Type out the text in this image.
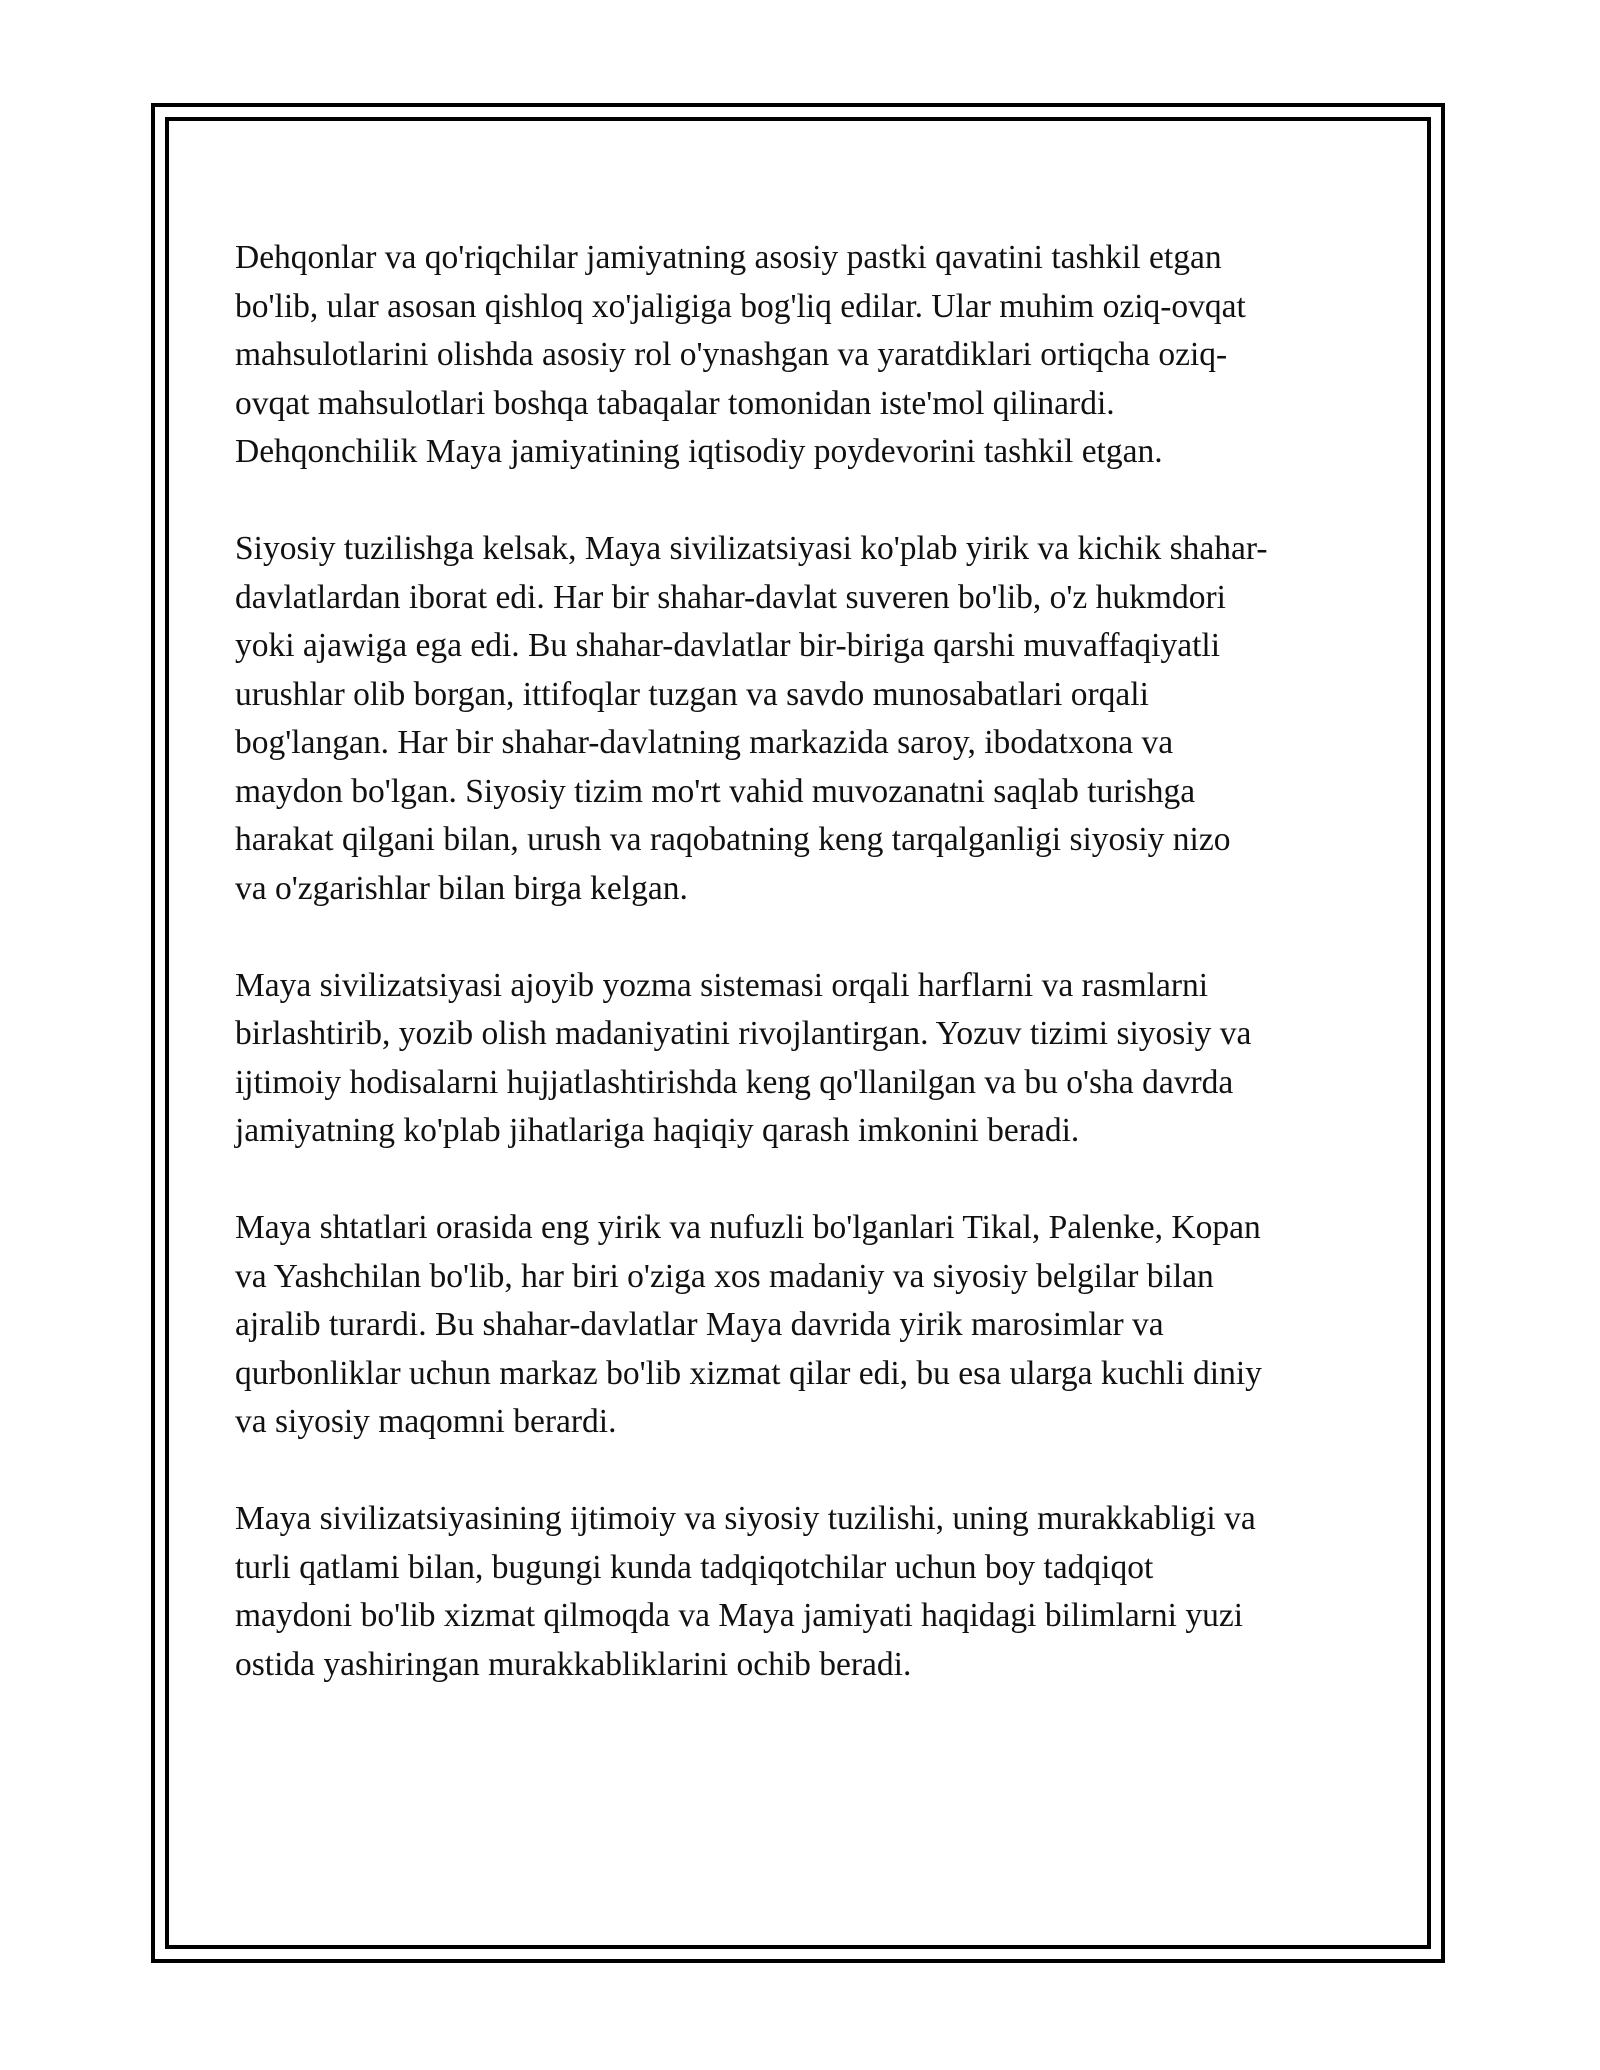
Dehqonlar va qo'riqchilar jamiyatning asosiy pastki qavatini tashkil etgan
bo'lib, ular asosan qishloq xo'jaligiga bog'liq edilar. Ular muhim oziq-ovqat
mahsulotlarini olishda asosiy rol o'ynashgan va yaratdiklari ortiqcha oziq-
ovqat mahsulotlari boshqa tabaqalar tomonidan iste'mol qilinardi.
Dehqonchilik Maya jamiyatining iqtisodiy poydevorini tashkil etgan.

Siyosiy tuzilishga kelsak, Maya sivilizatsiyasi ko'plab yirik va kichik shahar-
davlatlardan iborat edi. Har bir shahar-davlat suveren bo'lib, o'z hukmdori
yoki ajawiga ega edi. Bu shahar-davlatlar bir-biriga qarshi muvaffaqiyatli
urushlar olib borgan, ittifoqlar tuzgan va savdo munosabatlari orqali
bog'langan. Har bir shahar-davlatning markazida saroy, ibodatxona va
maydon bo'lgan. Siyosiy tizim mo'rt vahid muvozanatni saqlab turishga
harakat qilgani bilan, urush va raqobatning keng tarqalganligi siyosiy nizo
va o'zgarishlar bilan birga kelgan.

Maya sivilizatsiyasi ajoyib yozma sistemasi orqali harflarni va rasmlarni
birlashtirib, yozib olish madaniyatini rivojlantirgan. Yozuv tizimi siyosiy va
ijtimoiy hodisalarni hujjatlashtirishda keng qo'llanilgan va bu o'sha davrda
jamiyatning ko'plab jihatlariga haqiqiy qarash imkonini beradi.

Maya shtatlari orasida eng yirik va nufuzli bo'lganlari Tikal, Palenke, Kopan
va Yashchilan bo'lib, har biri o'ziga xos madaniy va siyosiy belgilar bilan
ajralib turardi. Bu shahar-davlatlar Maya davrida yirik marosimlar va
qurbonliklar uchun markaz bo'lib xizmat qilar edi, bu esa ularga kuchli diniy
va siyosiy maqomni berardi.

Maya sivilizatsiyasining ijtimoiy va siyosiy tuzilishi, uning murakkabligi va
turli qatlami bilan, bugungi kunda tadqiqotchilar uchun boy tadqiqot
maydoni bo'lib xizmat qilmoqda va Maya jamiyati haqidagi bilimlarni yuzi
ostida yashiringan murakkabliklarini ochib beradi.
